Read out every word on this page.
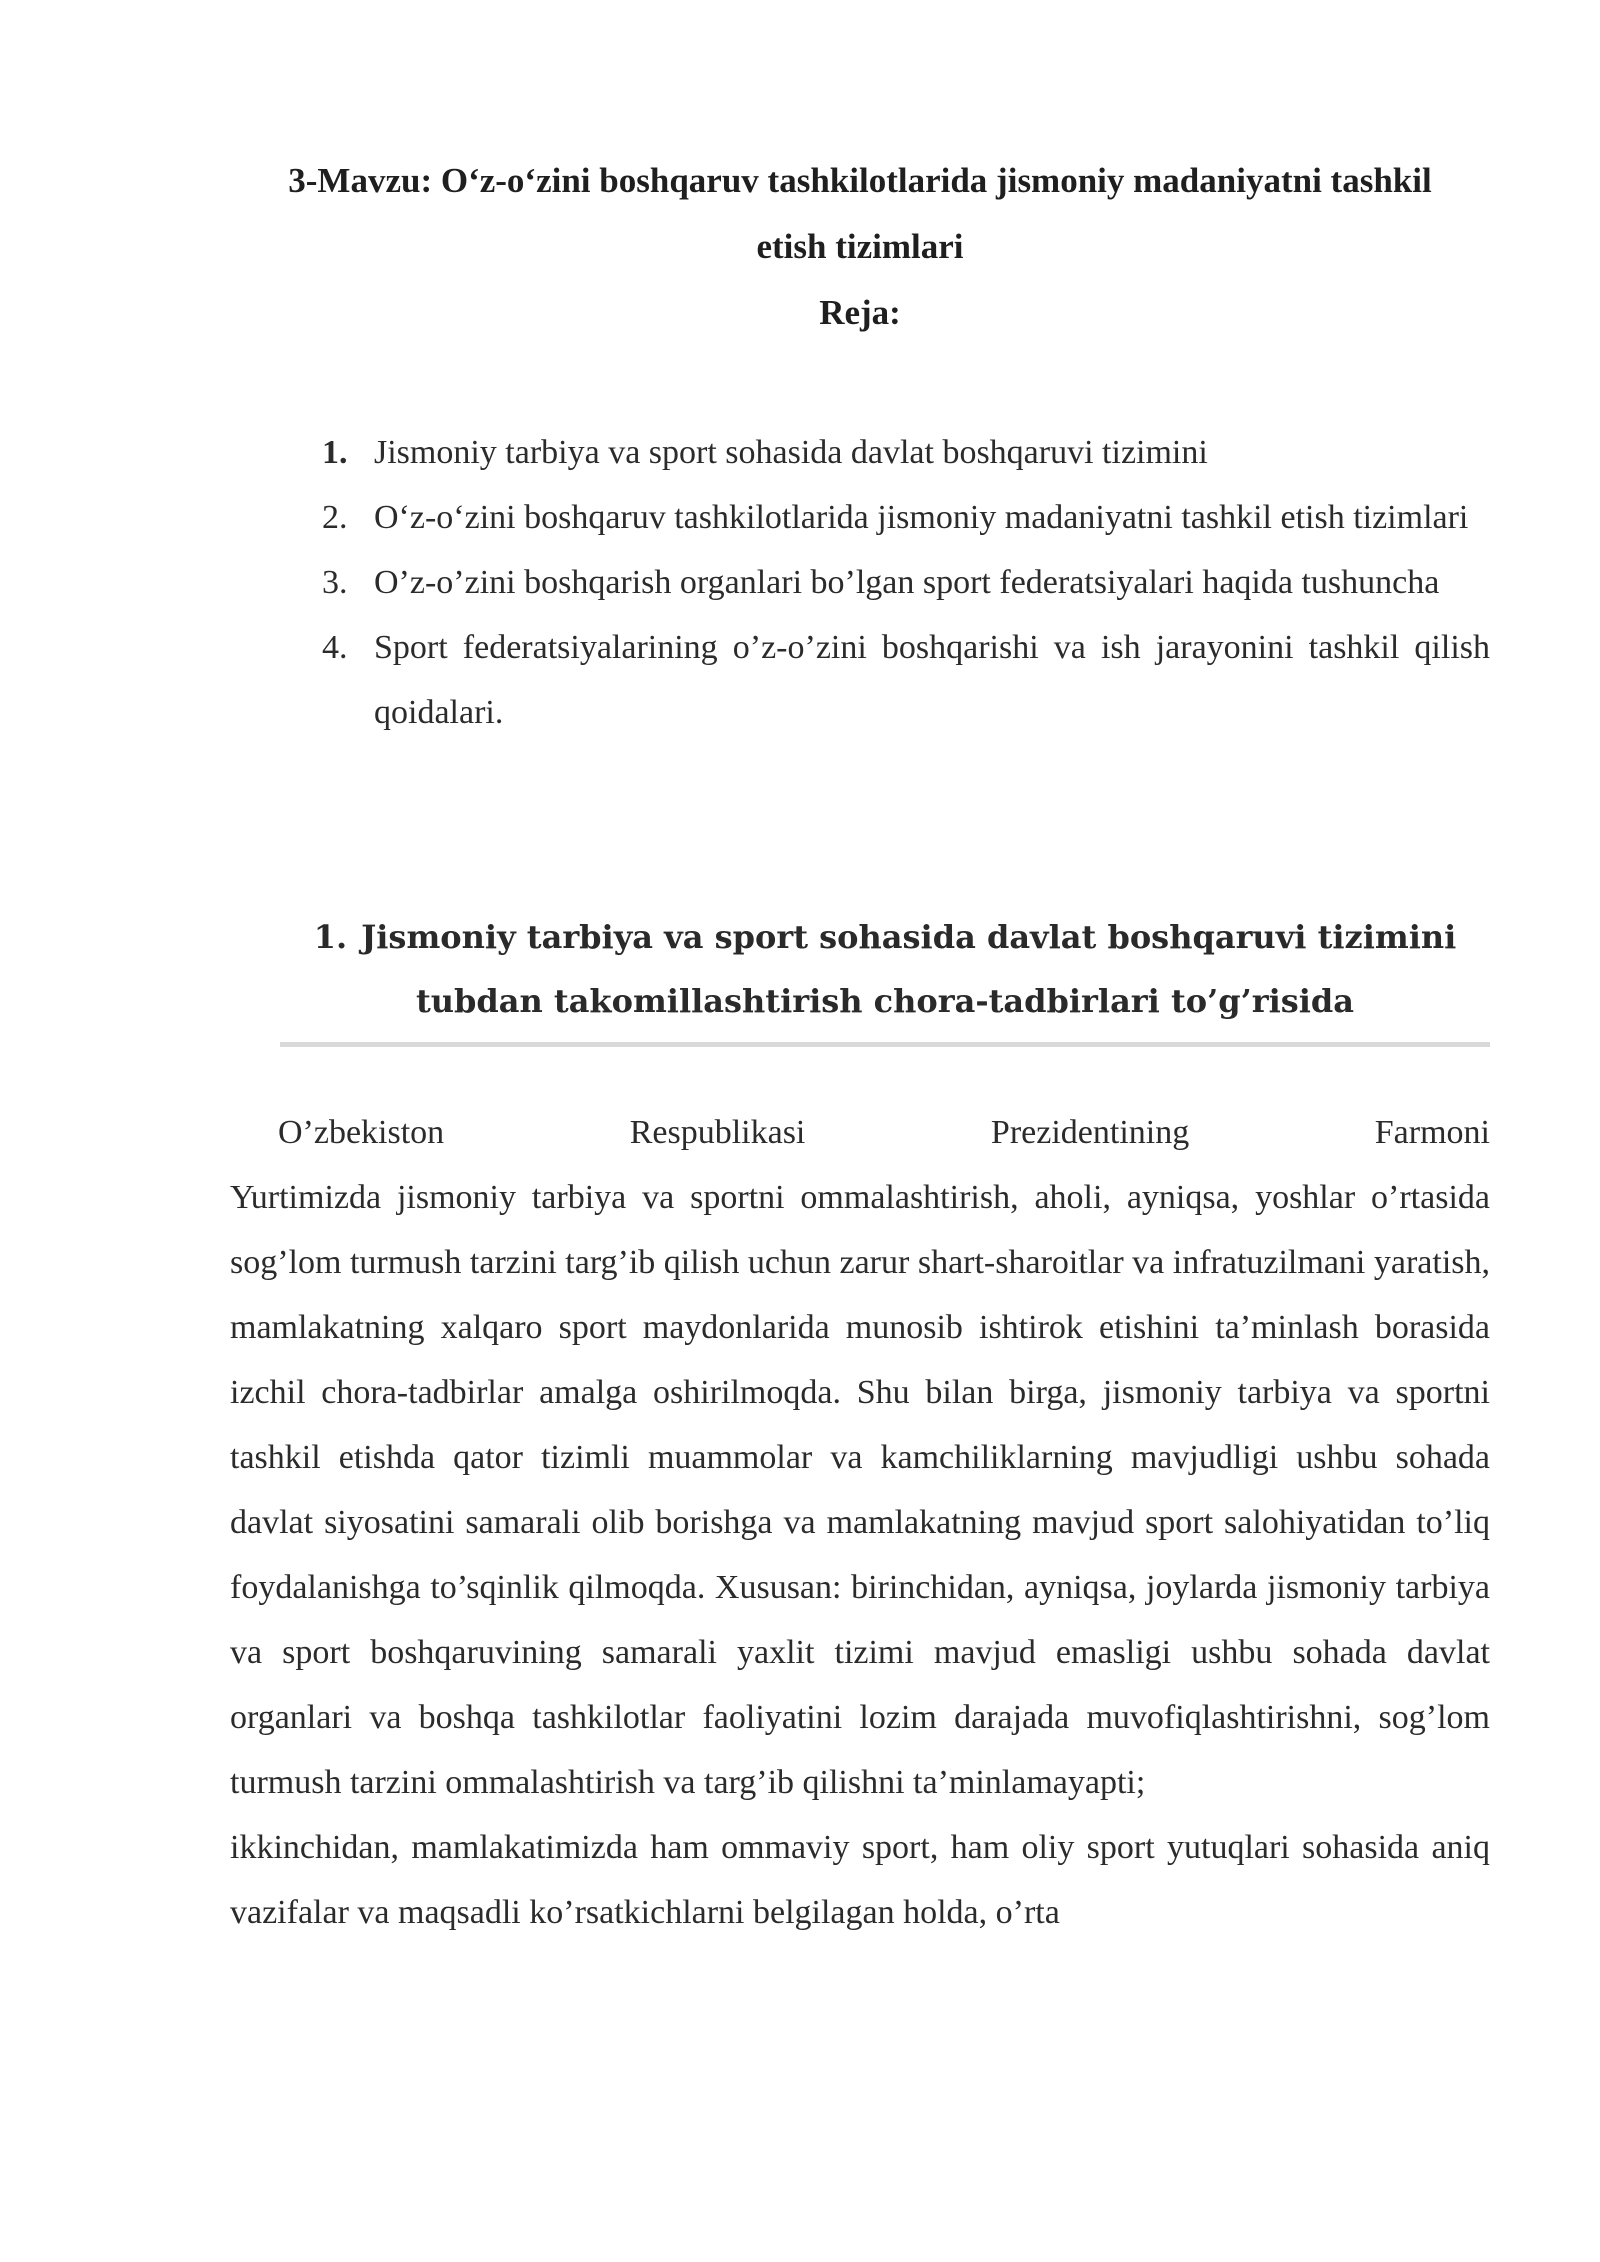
3-Mavzu: O‘z-o‘zini boshqaruv tashkilotlarida jismoniy madaniyatni tashkil

etish tizimlari

Reja:

1. Jismoniy tarbiya va sport sohasida davlat boshqaruvi tizimini
2. O‘z-o‘zini boshqaruv tashkilotlarida jismoniy madaniyatni tashkil etish tizimlari
3. O’z-o’zini boshqarish organlari bo’lgan sport federatsiyalari haqida tushuncha
4. Sport federatsiyalarining o’z-o’zini boshqarishi va ish jarayonini tashkil qilish qoidalari.
1. Jismoniy tarbiya va sport sohasida davlat boshqaruvi tizimini
tubdan takomillashtirish chora-tadbirlari to’g’risida
O’zbekiston	Respublikasi	Prezidentining	Farmoni

Yurtimizda jismoniy tarbiya va sportni ommalashtirish, aholi, ayniqsa, yoshlar o’rtasida sog’lom turmush tarzini targ’ib qilish uchun zarur shart-sharoitlar va infratuzilmani yaratish, mamlakatning xalqaro sport maydonlarida munosib ishtirok etishini ta’minlash borasida izchil chora-tadbirlar amalga oshirilmoqda. Shu bilan birga, jismoniy tarbiya va sportni tashkil etishda qator tizimli muammolar va kamchiliklarning mavjudligi ushbu sohada davlat siyosatini samarali olib borishga va mamlakatning mavjud sport salohiyatidan to’liq foydalanishga to’sqinlik qilmoqda. Xususan: birinchidan, ayniqsa, joylarda jismoniy tarbiya va sport boshqaruvining samarali yaxlit tizimi mavjud emasligi ushbu sohada davlat organlari va boshqa tashkilotlar faoliyatini lozim darajada muvofiqlashtirishni, sog’lom turmush tarzini ommalashtirish va targ’ib qilishni ta’minlamayapti;

ikkinchidan, mamlakatimizda ham ommaviy sport, ham oliy sport yutuqlari sohasida aniq vazifalar va maqsadli ko’rsatkichlarni belgilagan holda, o’rta
